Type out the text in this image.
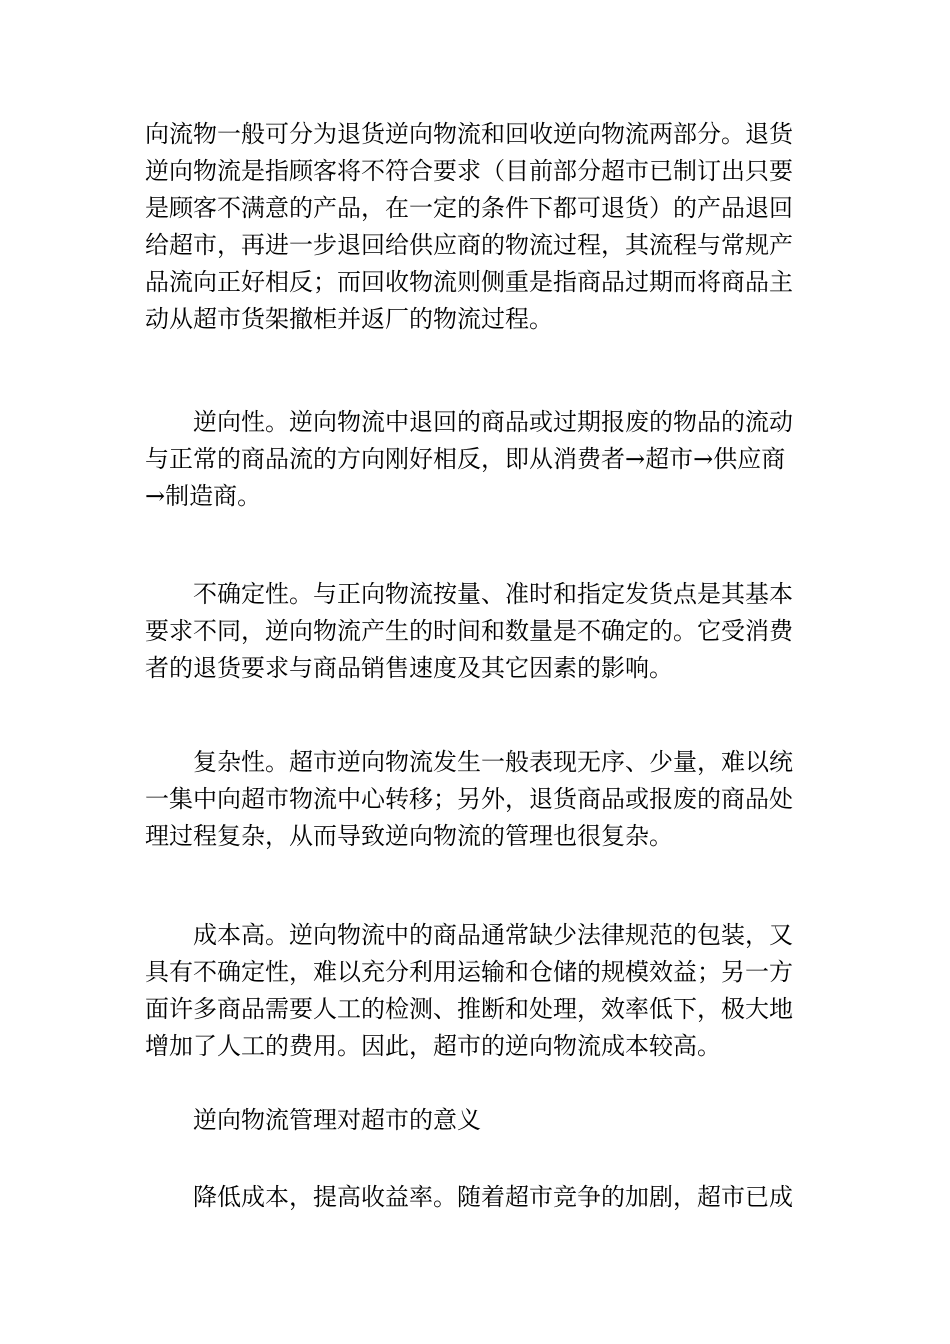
向流物一般可分为退货逆向物流和回收逆向物流两部分。退货
逆向物流是指顾客将不符合要求（目前部分超市已制订出只要
是顾客不满意的产品，在一定的条件下都可退货）的产品退回
给超市，再进一步退回给供应商的物流过程，其流程与常规产
品流向正好相反；而回收物流则侧重是指商品过期而将商品主
动从超市货架撤柜并返厂的物流过程。

　　逆向性。逆向物流中退回的商品或过期报废的物品的流动
与正常的商品流的方向刚好相反，即从消费者→超市→供应商
→制造商。

　　不确定性。与正向物流按量、准时和指定发货点是其基本
要求不同，逆向物流产生的时间和数量是不确定的。它受消费
者的退货要求与商品销售速度及其它因素的影响。

　　复杂性。超市逆向物流发生一般表现无序、少量，难以统
一集中向超市物流中心转移；另外，退货商品或报废的商品处
理过程复杂，从而导致逆向物流的管理也很复杂。

　　成本高。逆向物流中的商品通常缺少法律规范的包装，又
具有不确定性，难以充分利用运输和仓储的规模效益；另一方
面许多商品需要人工的检测、推断和处理，效率低下，极大地
增加了人工的费用。因此，超市的逆向物流成本较高。

　　逆向物流管理对超市的意义

　　降低成本，提高收益率。随着超市竞争的加剧，超市已成
